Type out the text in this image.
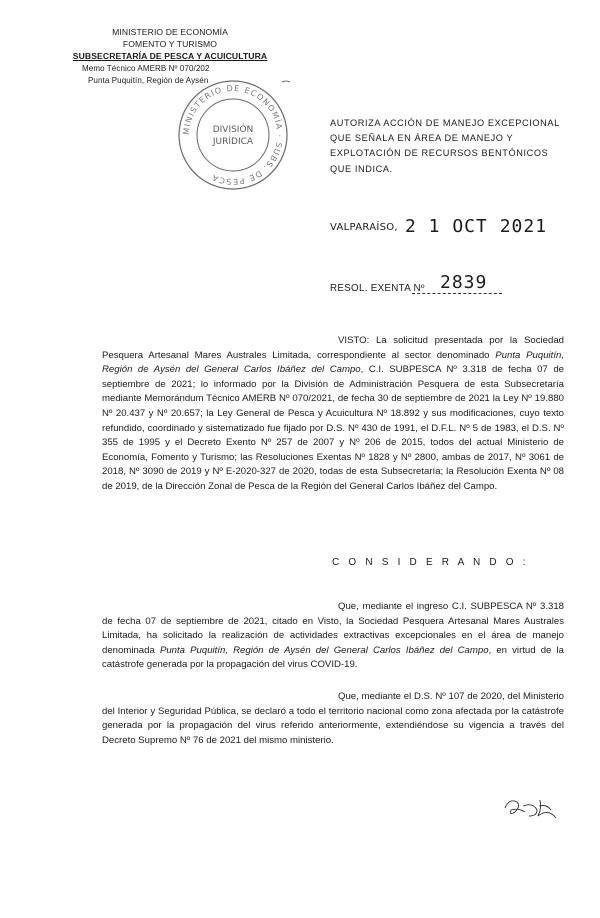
MINISTERIO DE ECONOMÍA
FOMENTO Y TURISMO
SUBSECRETARÍA DE PESCA Y ACUICULTURA
Memo Técnico AMERB Nº 070/202
Punta Puquitín, Región de Aysén
MINISTERIO DE ECONOMÍA · SUBS. DE PESCA
DIVISIÓN
JURÍDICA
AUTORIZA ACCIÓN DE MANEJO EXCEPCIONAL QUE SEÑALA EN ÁREA DE MANEJO Y EXPLOTACIÓN DE RECURSOS BENTÓNICOS QUE INDICA.
VALPARAÍSO, 2 1 OCT 2021
RESOL. EXENTA Nº 2839
VISTO: La solicitud presentada por la Sociedad Pesquera Artesanal Mares Australes Limitada, correspondiente al sector denominado Punta Puquitín, Región de Aysén del General Carlos Ibáñez del Campo, C.I. SUBPESCA Nº 3.318 de fecha 07 de septiembre de 2021; lo informado por la División de Administración Pesquera de esta Subsecretaría mediante Memorándum Técnico AMERB Nº 070/2021, de fecha 30 de septiembre de 2021 la Ley Nº 19.880 Nº 20.437 y Nº 20.657; la Ley General de Pesca y Acuicultura Nº 18.892 y sus modificaciones, cuyo texto refundido, coordinado y sistematizado fue fijado por D.S. Nº 430 de 1991, el D.F.L. Nº 5 de 1983, el D.S. Nº 355 de 1995 y el Decreto Exento Nº 257 de 2007 y Nº 206 de 2015, todos del actual Ministerio de Economía, Fomento y Turismo; las Resoluciones Exentas Nº 1828 y Nº 2800, ambas de 2017, Nº 3061 de 2018, Nº 3090 de 2019 y Nº E-2020-327 de 2020, todas de esta Subsecretaría; la Resolución Exenta Nº 08 de 2019, de la Dirección Zonal de Pesca de la Región del General Carlos Ibáñez del Campo.
C O N S I D E R A N D O :
Que, mediante el ingreso C.I. SUBPESCA Nº 3.318 de fecha 07 de septiembre de 2021, citado en Visto, la Sociedad Pesquera Artesanal Mares Australes Limitada, ha solicitado la realización de actividades extractivas excepcionales en el área de manejo denominada Punta Puquitín, Región de Aysén del General Carlos Ibáñez del Campo, en virtud de la catástrofe generada por la propagación del virus COVID-19.
Que, mediante el D.S. Nº 107 de 2020, del Ministerio del Interior y Seguridad Pública, se declaró a todo el territorio nacional como zona afectada por la catástrofe generada por la propagación del virus referido anteriormente, extendiéndose su vigencia a través del Decreto Supremo Nº 76 de 2021 del mismo ministerio.
